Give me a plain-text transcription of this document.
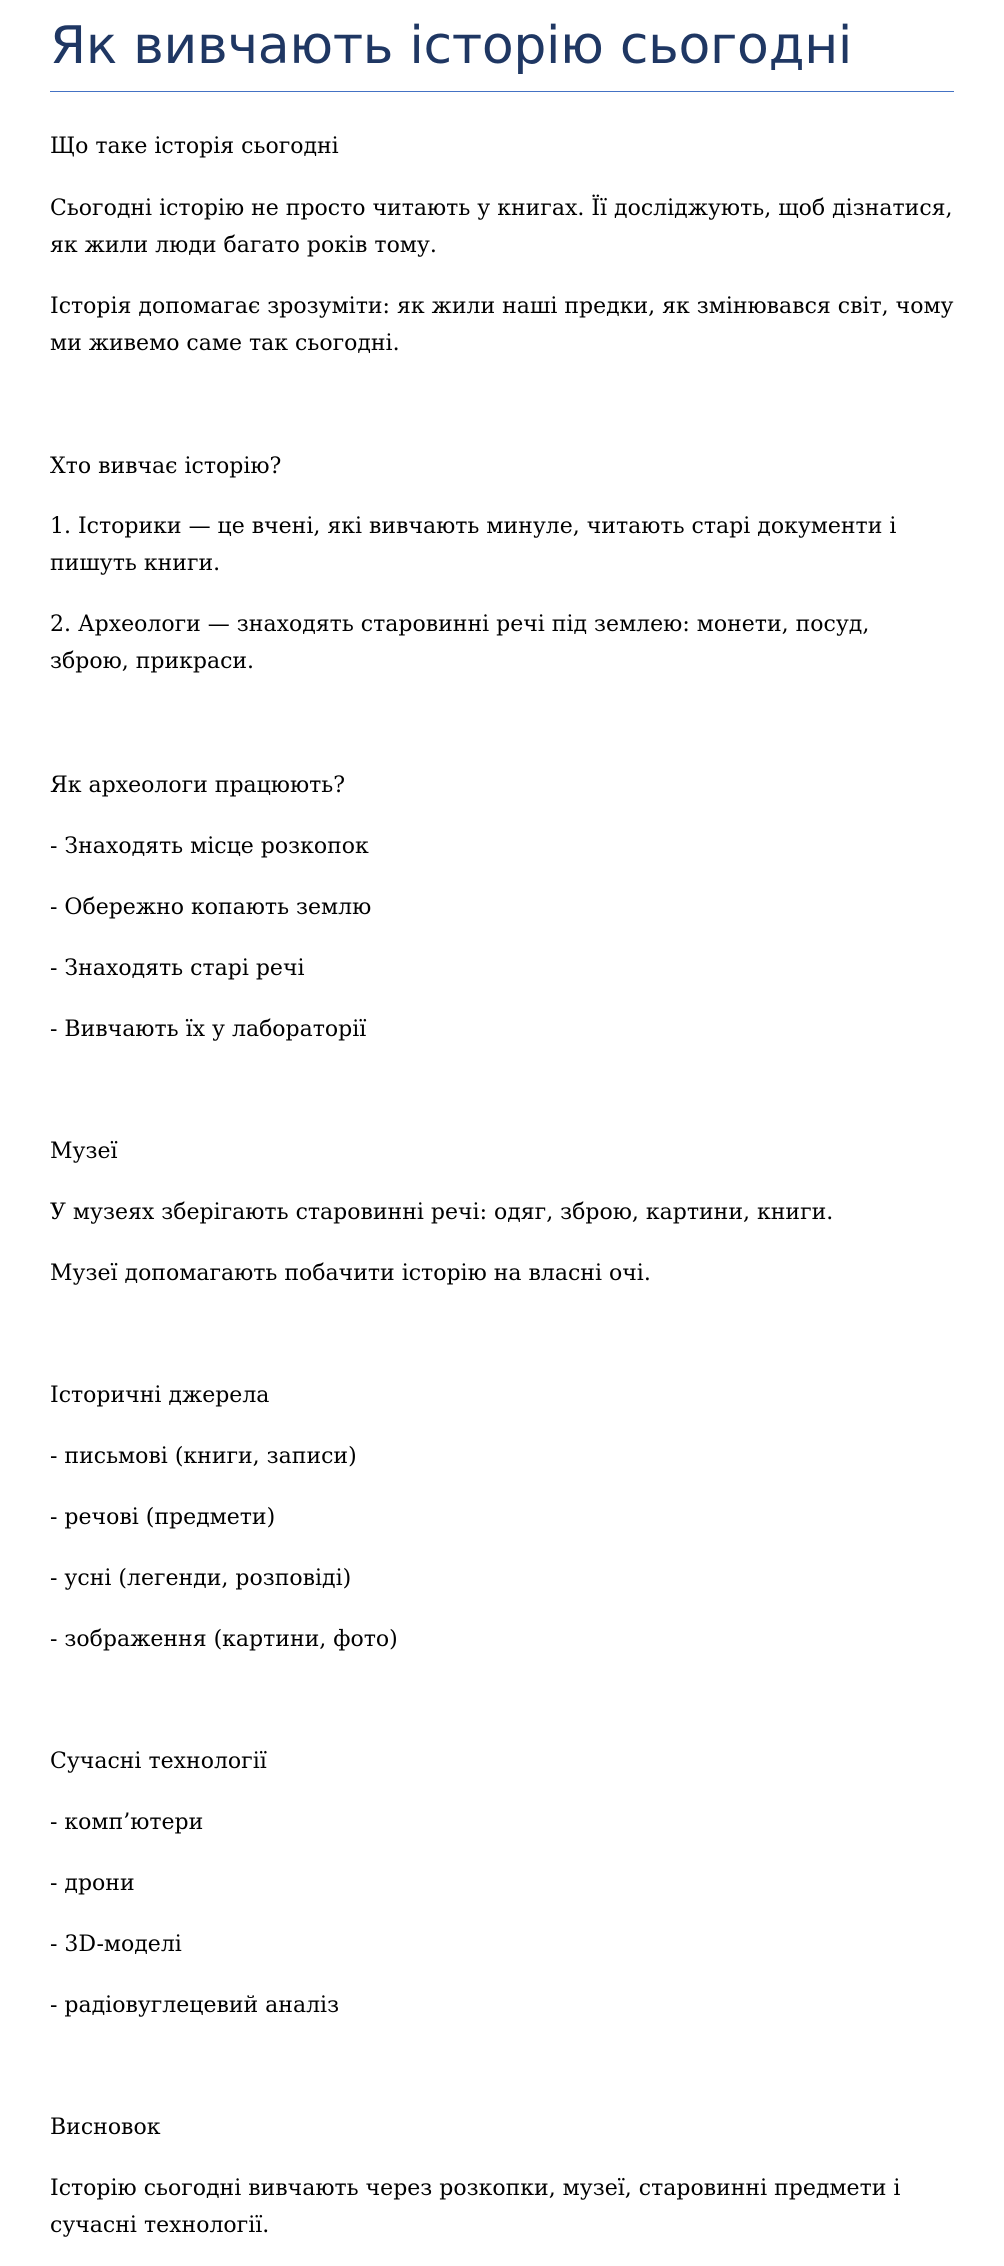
Як вивчають історію сьогодні

Що таке історія сьогодні

Сьогодні історію не просто читають у книгах. Її досліджують, щоб дізнатися, як жили люди багато років тому.

Історія допомагає зрозуміти: як жили наші предки, як змінювався світ, чому ми живемо саме так сьогодні.

Хто вивчає історію?

1. Історики — це вчені, які вивчають минуле, читають старі документи і пишуть книги.

2. Археологи — знаходять старовинні речі під землею: монети, посуд, зброю, прикраси.

Як археологи працюють?

- Знаходять місце розкопок

- Обережно копають землю

- Знаходять старі речі

- Вивчають їх у лабораторії

Музеї

У музеях зберігають старовинні речі: одяг, зброю, картини, книги.

Музеї допомагають побачити історію на власні очі.

Історичні джерела

- письмові (книги, записи)

- речові (предмети)

- усні (легенди, розповіді)

- зображення (картини, фото)

Сучасні технології

- комп’ютери

- дрони

- 3D-моделі

- радіовуглецевий аналіз

Висновок

Історію сьогодні вивчають через розкопки, музеї, старовинні предмети і сучасні технології.
